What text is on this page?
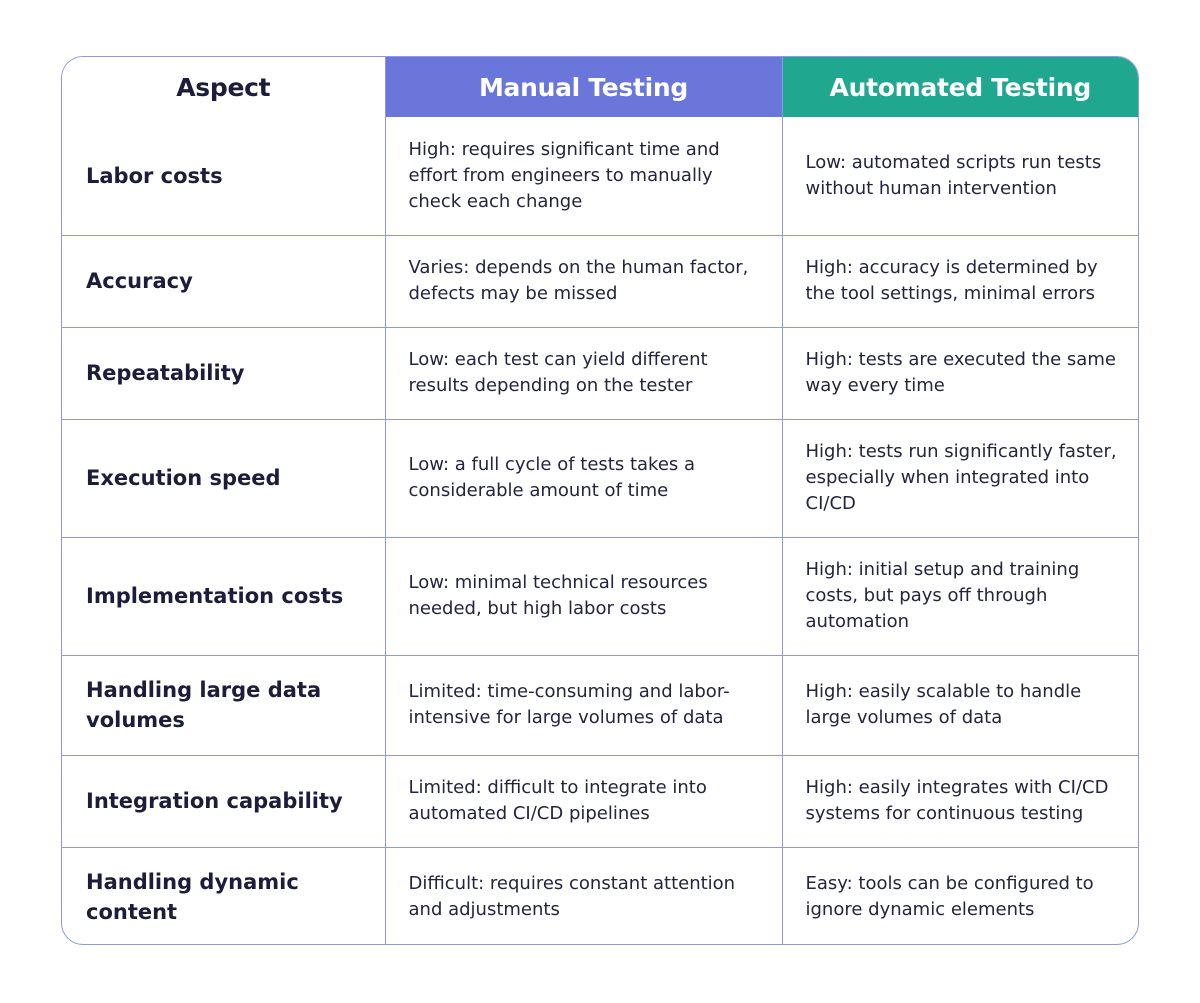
Aspect	Manual Testing	Automated Testing
Labor costs	High: requires significant time and effort from engineers to manually check each change	Low: automated scripts run tests without human intervention
Accuracy	Varies: depends on the human factor, defects may be missed	High: accuracy is determined by the tool settings, minimal errors
Repeatability	Low: each test can yield different results depending on the tester	High: tests are executed the same way every time
Execution speed	Low: a full cycle of tests takes a considerable amount of time	High: tests run significantly faster, especially when integrated into CI/CD
Implementation costs	Low: minimal technical resources needed, but high labor costs	High: initial setup and training costs, but pays off through automation
Handling large data volumes	Limited: time-consuming and labor-intensive for large volumes of data	High: easily scalable to handle large volumes of data
Integration capability	Limited: difficult to integrate into automated CI/CD pipelines	High: easily integrates with CI/CD systems for continuous testing
Handling dynamic content	Difficult: requires constant attention and adjustments	Easy: tools can be configured to ignore dynamic elements
